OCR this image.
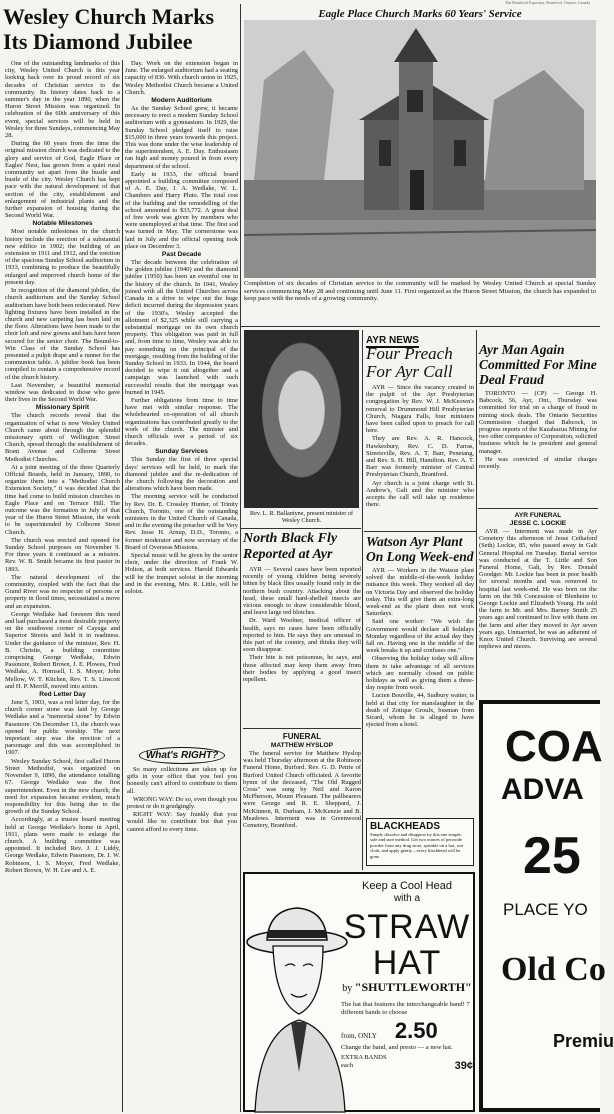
The Brantford Expositor, Brantford, Ontario, Canada
Wesley Church Marks
Its Diamond Jubilee

One of the outstanding landmarks of this city, Wesley United Church is this year looking back over its proud record of six decades of Christian service to the community. Its history dates back to a summer's day in the year 1890, when the Huron Street Mission was organized. In celebration of the 60th anniversary of this event, special services will be held in Wesley for three Sundays, commencing May 28.

During the 60 years from the time the original mission church was dedicated to the glory and service of God, Eagle Place or Eagles' Nest, has grown from a quiet rural community set apart from the hustle and bustle of the city. Wesley Church has kept pace with the natural development of that section of the city, establishment and enlargement of industrial plants and the further expansion of housing during the Second World War.

Notable Milestones

Most notable milestones in the church history include the erection of a substantial new edifice in 1902; the building of an extension in 1911 and 1912, and the erection of the spacious Sunday School auditorium in 1933, combining to produce the beautifully enlarged and improved church home of the present day.

In recognition of the diamond jubilee, the church auditorium and the Sunday School auditorium have both been redecorated. New lighting fixtures have been installed in the church and new carpeting has been laid on the floor. Alterations have been made to the choir loft and new gowns and hats have been secured for the senior choir. The Bound-to-Win Class of the Sunday School has presented a pulpit drape and a runner for the communion table. A jubilee book has been compiled to contain a comprehensive record of the church history.

Last November, a beautiful memorial window was dedicated to those who gave their lives in the Second World War.

Missionary Spirit

The church records reveal that the organization of what is now Wesley United Church came about through the splendid missionary spirit of Wellington Street Church, spread through the establishment of Brant Avenue and Colborne Street Methodist Churches.

At a joint meeting of the three Quarterly Official Boards, held in January, 1890, to organize them into a "Methodist Church Extension Society," it was decided that the time had come to build mission churches in Eagle Place and on Terrace Hill. The outcome was the formation in July of that year of the Huron Street Mission, the work to be superintended by Colborne Street Church.

The church was erected and opened for Sunday School purposes on November 9. For three years it continued as a mission. Rev. W. B. Smith became its first pastor in 1893.

The natural development of the community, coupled with the fact that the Grand River was no respecter of persons or property in flood times, necessitated a move and an expansion.

George Wedlake had foreseen this need and had purchased a most desirable property on the southwest corner of Cayuga and Superior Streets and held it in readiness. Under the guidance of the minister, Rev. H. B. Christie, a building committee comprising George Wedlake, Edwin Passmore, Robert Brown, J. E. Plowes, Fred Wedlake, A. Hornsell, I. S. Moyer, John Mellow, W. T. Kitchen, Rev. T. S. Linscott and H. P. Merrill, moved into action.

Red Letter Day

June 5, 1903, was a red letter day, for the church corner stone was laid by George Wedlake and a "memorial stone" by Edwin Passmore. On December 13, the church was opened for public worship. The next important step was the erection of a parsonage and this was accomplished in 1907.

Wesley Sunday School, first called Huron Street Methodist, was organized on November 9, 1890, the attendance totalling 67. George Wedlake was the first superintendent. Even in the new church, the need for expansion became evident, much responsibility for this being due to the growth of the Sunday School.

Accordingly, at a trustee board meeting held at George Wedlake's home in April, 1911, plans were made to enlarge the church. A building committee was appointed. It included Rev. J. J. Liddy, George Wedlake, Edwin Passmore, Dr. J. W. Robinson, I. S. Moyer, Fred Wedlake, Robert Brown, W. H. Lee and A. E.

Day. Work on the extension began in June. The enlarged auditorium had a seating capacity of 836. With church union in 1925, Wesley Methodist Church became a United Church.

Modern Auditorium

As the Sunday School grew, it became necessary to erect a modern Sunday School auditorium with a gymnasium. In 1929, the Sunday School pledged itself to raise $15,000 in three years towards this project. This was done under the wise leadership of the superintendent, A. E. Day. Enthusiasm ran high and money poured in from every department of the school.

Early in 1933, the official board appointed a building committee composed of A. E. Day, J. A. Wedlake, W. L. Chambers and Harry Pluto. The total cost of the building and the remodelling of the school amounted to $33,772. A great deal of free work was given by members who were unemployed at that time. The first sod was turned in May. The cornerstone was laid in July and the official opening took place on December 3.

Past Decade

The decade between the celebration of the golden jubilee (1940) and the diamond jubilee (1950) has been an eventful one in the history of the church. In 1941, Wesley joined with all the United Churches across Canada in a drive to wipe out the huge deficit incurred during the depression years of the 1930's. Wesley accepted the allotment of $2,325 while still carrying a substantial mortgage on its own church property. This obligation was paid in full and, from time to time, Wesley was able to pay something on the principal of the mortgage, resulting from the building of the Sunday School in 1933. In 1944, the board decided to wipe it out altogether and a campaign was launched with such successful results that the mortgage was burned in 1945.

Further obligations from time to time have met with similar response. The wholehearted co-operation of all church organizations has contributed greatly to the work of the church. The minister and church officials over a period of six decades.

Sunday Services

This Sunday the first of three special days' services will be held, to mark the diamond jubilee and the re-dedication of the church following the decoration and alterations which have been made.

The morning service will be conducted by Rev. Dr. E. Crossley Hunter, of Trinity Church, Toronto, one of the outstanding ministers in the United Church of Canada, and in the evening the preacher will be Very Rev. Jesse H. Arnup, D.D., Toronto, a former moderator and now secretary of the Board of Overseas Missions.

Special music will be given by the senior choir, under the direction of Frank W. Holton, at both services. Harold Edwards will be the trumpet soloist in the morning and in the evening, Mrs. R. Little, will be soloist.

Eagle Place Church Marks 60 Years' Service
Completion of six decades of Christian service to the community will be marked by Wesley United Church at special Sunday services commencing May 28 and continuing until June 11. First organized as the Huron Street Mission, the church has expanded to keep pace with the needs of a growing community.
Rev. L. R. Ballantyne, present minister of Wesley Church.
What's RIGHT?

So many collections are taken up for gifts in your office that you feel you honestly can't afford to contribute to them all.

WRONG WAY: Do so, even though you protest or do it grudgingly.

RIGHT WAY: Say frankly that you would like to contribute but that you cannot afford to every time.

North Black Fly Reported at Ayr

AYR — Several cases have been reported recently of young children being severely bitten by black flies usually found only in the northern bush country. Attacking about the head, these small hard-shelled insects are vicious enough to draw considerable blood, and leave large red blotches.

Dr. Ward Woolner, medical officer of health, says no cases have been officially reported to him. He says they are unusual in this part of the country, and thinks they will soon disappear.

Their bite is not poisonous, he says, and those affected may keep them away from their bodies by applying a good insect repellent.

FUNERAL
MATTHEW HYSLOP

The funeral service for Matthew Hyslop was held Thursday afternoon at the Robinson Funeral Home, Burford. Rev. G. D. Petrie of Burford United Church officiated. A favorite hymn of the deceased, "The Old Rugged Cross" was sung by Neil and Karon McPherson, Mount Pleasant. The pallbearers were George and R. E. Sheppard, J. McKinnon, R. Durham, J. McKenzie and B. Meadows. Interment was in Greenwood Cemetery, Brantford.

AYR NEWS
Four Preach For Ayr Call

AYR — Since the vacancy created in the pulpit of the Ayr Presbyterian congregation by Rev. W. J. McKeown's removal to Drummond Hill Presbyterian Church, Niagara Falls, four ministers have been called upon to preach for call here.

They are Rev. A. R. Hancock, Hawkesbury, Rev. C. D. Farras, Streetsville, Rev. A. T. Barr, Penetang, and Rev. S. H. Hill, Hamilton. Rev. A. T. Barr was formerly minister of Central Presbyterian Church, Brantford.

Ayr church is a joint charge with St. Andrew's, Galt and the minister who accepts the call will take up residence there.

Watson Ayr Plant On Long Week-end

AYR — Workers in the Watson plant solved the middle-of-the-week holiday nuisance this week. They worked all day on Victoria Day and observed the holiday today. This will give them an extra-long week-end as the plant does not work Saturdays.

Said one worker: "We wish the Government would declare all holidays Monday regardless of the actual day they fall on. Having one in the middle of the week breaks it up and confuses one."

Observing the holiday today will allow them to take advantage of all services which are normally closed on public holidays as well as giving them a three-day respite from work.

Lucien Bouville, 44, Sudbury waiter, is held at that city for manslaughter in the death of Zotique Groulx, busman from Sicard, whom he is alleged to have ejected from a hotel.

BLACKHEADS
Simply dissolve and disappear by this one simple, safe and sure method. Get two ounces of peroxide powder from any drug store, sprinkle on a hot, wet cloth, and apply gently—every blackhead will be gone.
Ayr Man Again Committed For Mine Deal Fraud

TORONTO — (CP) — George H. Babcock, 56, Ayr, Ont., Thursday was committed for trial on a charge of fraud in mining stock deals. The Ontario Securities Commission charged that Babcock, in progress reports of the Kazabazua Mining for two other companies of Corporation, solicited business which he is president and general manager.

He was convicted of similar charges recently.

AYR FUNERAL
JESSE C. LOCKIE

AYR — Interment was made in Ayr Cemetery this afternoon of Jesse Cethaford (Seth) Lockie, 85, who passed away in Galt General Hospital on Tuesday. Burial service was conducted at the T. Little and Son Funeral Home, Galt, by Rev. Donald Goodger. Mr. Lockie has been in poor health for several months and was removed to hospital last week-end. He was born on the farm on the 9th Concession of Blenheim to George Lockie and Elizabeth Young. He sold the farm to Mr. and Mrs. Barney Smith 25 years ago and continued to live with them on the farm and after they moved to Ayr seven years ago. Unmarried, he was an adherent of Knox United Church. Surviving are several nephews and nieces.

COA
ADVA
25
PLACE YO
Old Co
Premiu
Keep a Cool Head
with a
STRAW
HAT
by "SHUTTLEWORTH"
The hat that features the interchangeable band! 7 different bands to choose
from, ONLY 2.50
Change the band, and presto — a new hat.
EXTRA BANDS
each	39¢
